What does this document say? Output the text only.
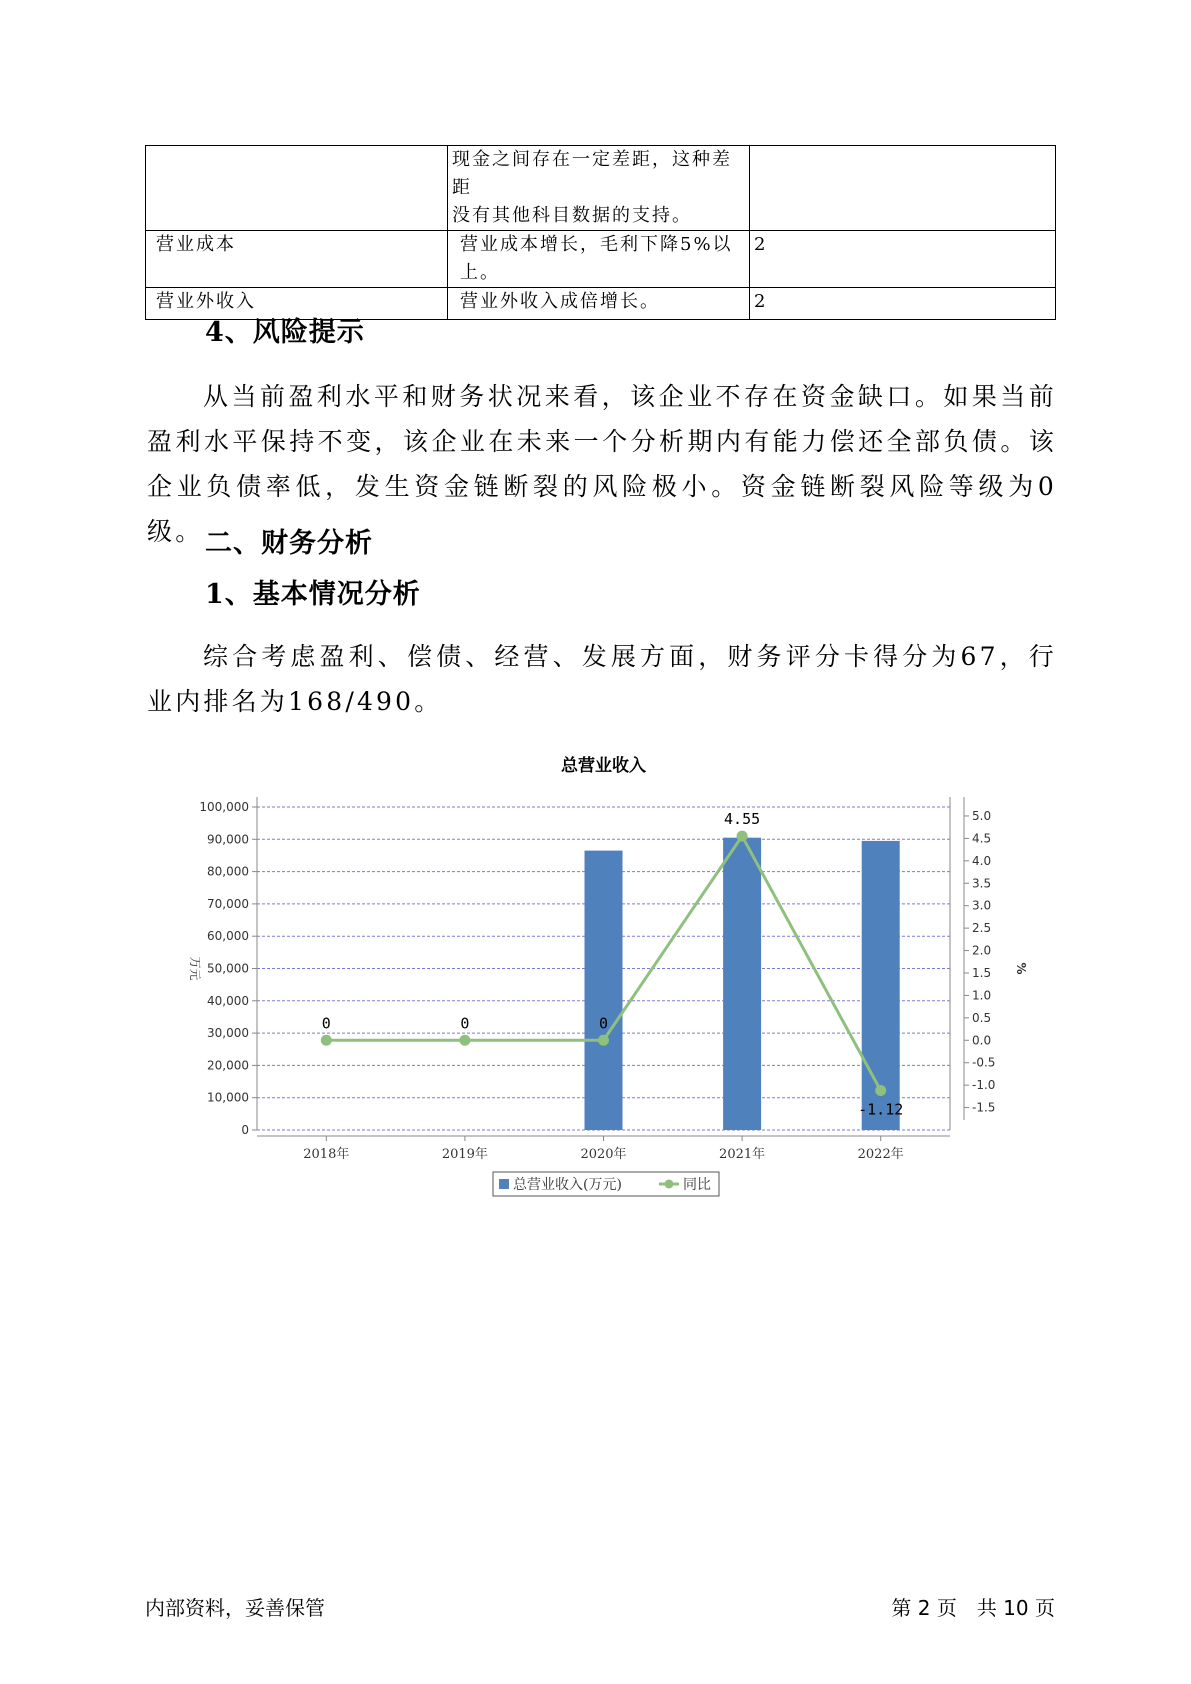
	现金之间存在一定差距，这种差距
没有其他科目数据的支持。	

营业成本	营业成本增长，毛利下降5%以上。	2
营业外收入	营业外收入成倍增长。	2
4、风险提示

从当前盈利水平和财务状况来看，该企业不存在资金缺口。如果当前盈利水平保持不变，该企业在未来一个分析期内有能力偿还全部负债。该企业负债率低，发生资金链断裂的风险极小。资金链断裂风险等级为0级。 二、财务分析
1、基本情况分析

综合考虑盈利、偿债、经营、发展方面，财务评分卡得分为67，行业内排名为168/490。

总营业收入
0
10,000
20,000
30,000
40,000
50,000
60,000
70,000
80,000
90,000
100,000
-1.5
-1.0
-0.5
0.0
0.5
1.0
1.5
2.0
2.5
3.0
3.5
4.0
4.5
5.0
万元	%
2018年	2019年	2020年	2021年	2022年
0	0	0
4.55
-1.12
总营业收入(万元)	同比
内部资料，妥善保管	第 2 页　共 10 页
